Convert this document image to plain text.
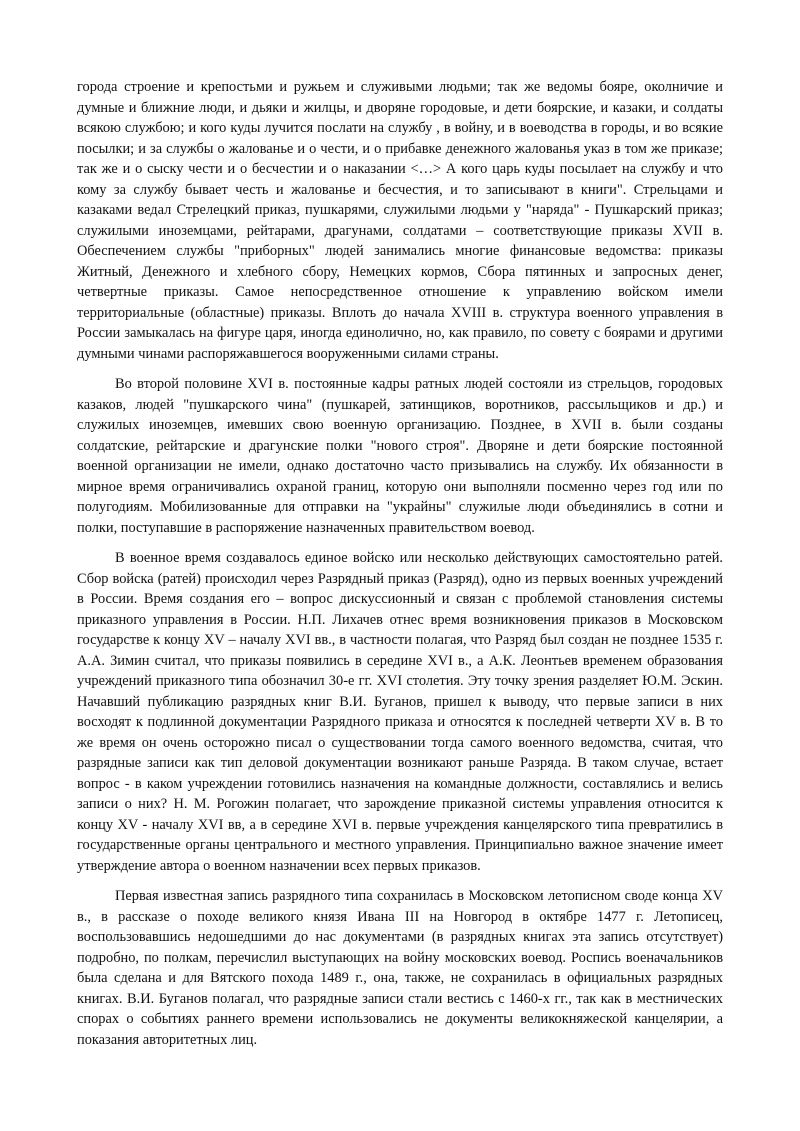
города строение и крепостьми и ружьем и служивыми людьми; так же ведомы бояре, околничие и думные и ближние люди, и дьяки и жилцы, и дворяне городовые, и дети боярские, и казаки, и солдаты всякою службою; и кого куды лучится послати на службу , в войну, и в воеводства в городы, и во всякие посылки; и за службы о жалованье и о чести, и о прибавке денежного жалованья указ в том же приказе; так же и о сыску чести и о бесчестии и о наказании <…> А кого царь куды посылает на службу и что кому за службу бывает честь и жалованье и бесчестия, и то записывают в книги". Стрельцами и казаками ведал Стрелецкий приказ, пушкарями, служилыми людьми у "наряда" - Пушкарский приказ; служилыми иноземцами, рейтарами, драгунами, солдатами – соответствующие приказы XVII в. Обеспечением службы "приборных" людей занимались многие финансовые ведомства: приказы Житный, Денежного и хлебного сбору, Немецких кормов, Сбора пятинных и запросных денег, четвертные приказы. Самое непосредственное отношение к управлению войском имели территориальные (областные) приказы. Вплоть до начала XVIII в. структура военного управления в России замыкалась на фигуре царя, иногда единолично, но, как правило, по совету с боярами и другими думными чинами распоряжавшегося вооруженными силами страны.

Во второй половине XVI в. постоянные кадры ратных людей состояли из стрельцов, городовых казаков, людей "пушкарского чина" (пушкарей, затинщиков, воротников, рассыльщиков и др.) и служилых иноземцев, имевших свою военную организацию. Позднее, в XVII в. были созданы солдатские, рейтарские и драгунские полки "нового строя". Дворяне и дети боярские постоянной военной организации не имели, однако достаточно часто призывались на службу. Их обязанности в мирное время ограничивались охраной границ, которую они выполняли посменно через год или по полугодиям. Мобилизованные для отправки на "украйны" служилые люди объединялись в сотни и полки, поступавшие в распоряжение назначенных правительством воевод.

В военное время создавалось единое войско или несколько действующих самостоятельно ратей. Сбор войска (ратей) происходил через Разрядный приказ (Разряд), одно из первых военных учреждений в России. Время создания его – вопрос дискуссионный и связан с проблемой становления системы приказного управления в России. Н.П. Лихачев отнес время возникновения приказов в Московском государстве к концу XV – началу XVI вв., в частности полагая, что Разряд был создан не позднее 1535 г. А.А. Зимин считал, что приказы появились в середине XVI в., а А.К. Леонтьев временем образования учреждений приказного типа обозначил 30-е гг. XVI столетия. Эту точку зрения разделяет Ю.М. Эскин. Начавший публикацию разрядных книг В.И. Буганов, пришел к выводу, что первые записи в них восходят к подлинной документации Разрядного приказа и относятся к последней четверти XV в. В то же время он очень осторожно писал о существовании тогда самого военного ведомства, считая, что разрядные записи как тип деловой документации возникают раньше Разряда. В таком случае, встает вопрос - в каком учреждении готовились назначения на командные должности, составлялись и велись записи о них? Н. М. Рогожин полагает, что зарождение приказной системы управления относится к концу XV - началу XVI вв, а в середине XVI в. первые учреждения канцелярского типа превратились в государственные органы центрального и местного управления. Принципиально важное значение имеет утверждение автора о военном назначении всех первых приказов.

Первая известная запись разрядного типа сохранилась в Московском летописном своде конца XV в., в рассказе о походе великого князя Ивана III на Новгород в октябре 1477 г. Летописец, воспользовавшись недошедшими до нас документами (в разрядных книгах эта запись отсутствует) подробно, по полкам, перечислил выступающих на войну московских воевод. Роспись военачальников была сделана и для Вятского похода 1489 г., она, также, не сохранилась в официальных разрядных книгах. В.И. Буганов полагал, что разрядные записи стали вестись с 1460-х гг., так как в местнических спорах о событиях раннего времени использовались не документы великокняжеской канцелярии, а показания авторитетных лиц.
